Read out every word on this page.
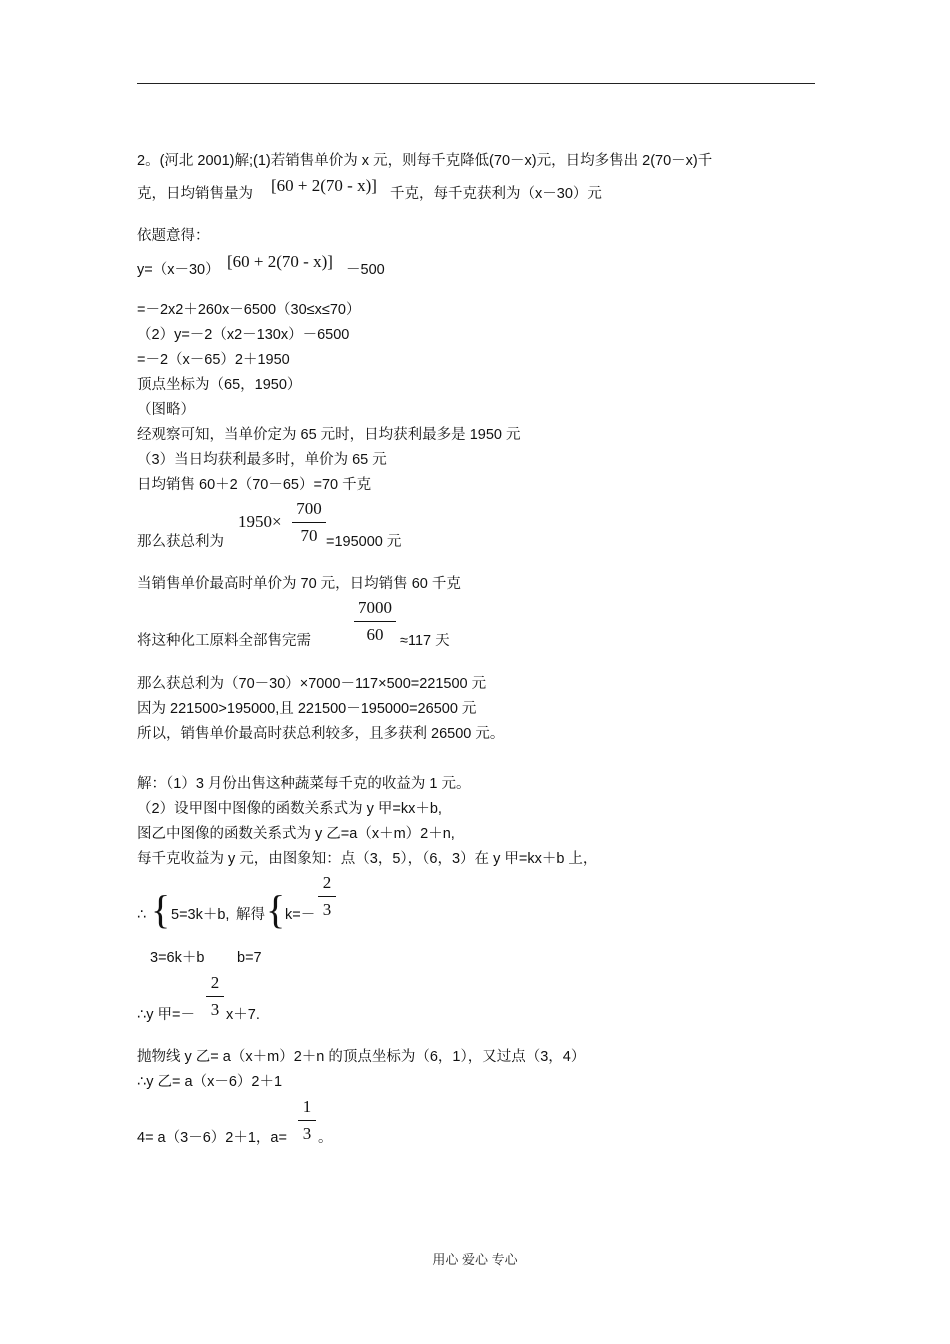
2。(河北 2001)解;(1)若销售单价为 x 元，则每千克降低(70－x)元，日均多售出 2(70－x)千
克，日均销售量为 [60 + 2(70 - x)] 千克，每千克获利为（x－30）元
依题意得：
y=（x－30） [60 + 2(70 - x)] －500
=－2x2＋260x－6500（30≤x≤70）
（2）y=－2（x2－130x）－6500
=－2（x－65）2＋1950
顶点坐标为（65，1950）
（图略）
经观察可知，当单价定为 65 元时，日均获利最多是 1950 元
（3）当日均获利最多时，单价为 65 元
日均销售 60＋2（70－65）=70 千克
那么获总利为
1950×
700
70 =195000 元
当销售单价最高时单价为 70 元，日均销售 60 千克
将这种化工原料全部售完需
7000
60	≈117 天
那么获总利为（70－30）×7000－117×500=221500 元
因为 221500>195000,且 221500－195000=26500 元
所以，销售单价最高时获总利较多，且多获利 26500 元。
解：（1）3 月份出售这种蔬菜每千克的收益为 1 元。
（2）设甲图中图像的函数关系式为 y 甲=kx＋b,
图乙中图像的函数关系式为 y 乙=a（x＋m）2＋n,
每千克收益为 y 元，由图象知：点（3，5），（6，3）在 y 甲=kx＋b 上，
∴ { 5=3k＋b, 解得 { k=－
2
3
3=6k＋b b=7
∴y 甲=－
2
3 x＋7.
抛物线 y 乙= a（x＋m）2＋n 的顶点坐标为（6，1），又过点（3，4）
∴y 乙= a（x－6）2＋1
4= a（3－6）2＋1，a=
1
3 。
用心 爱心 专心
